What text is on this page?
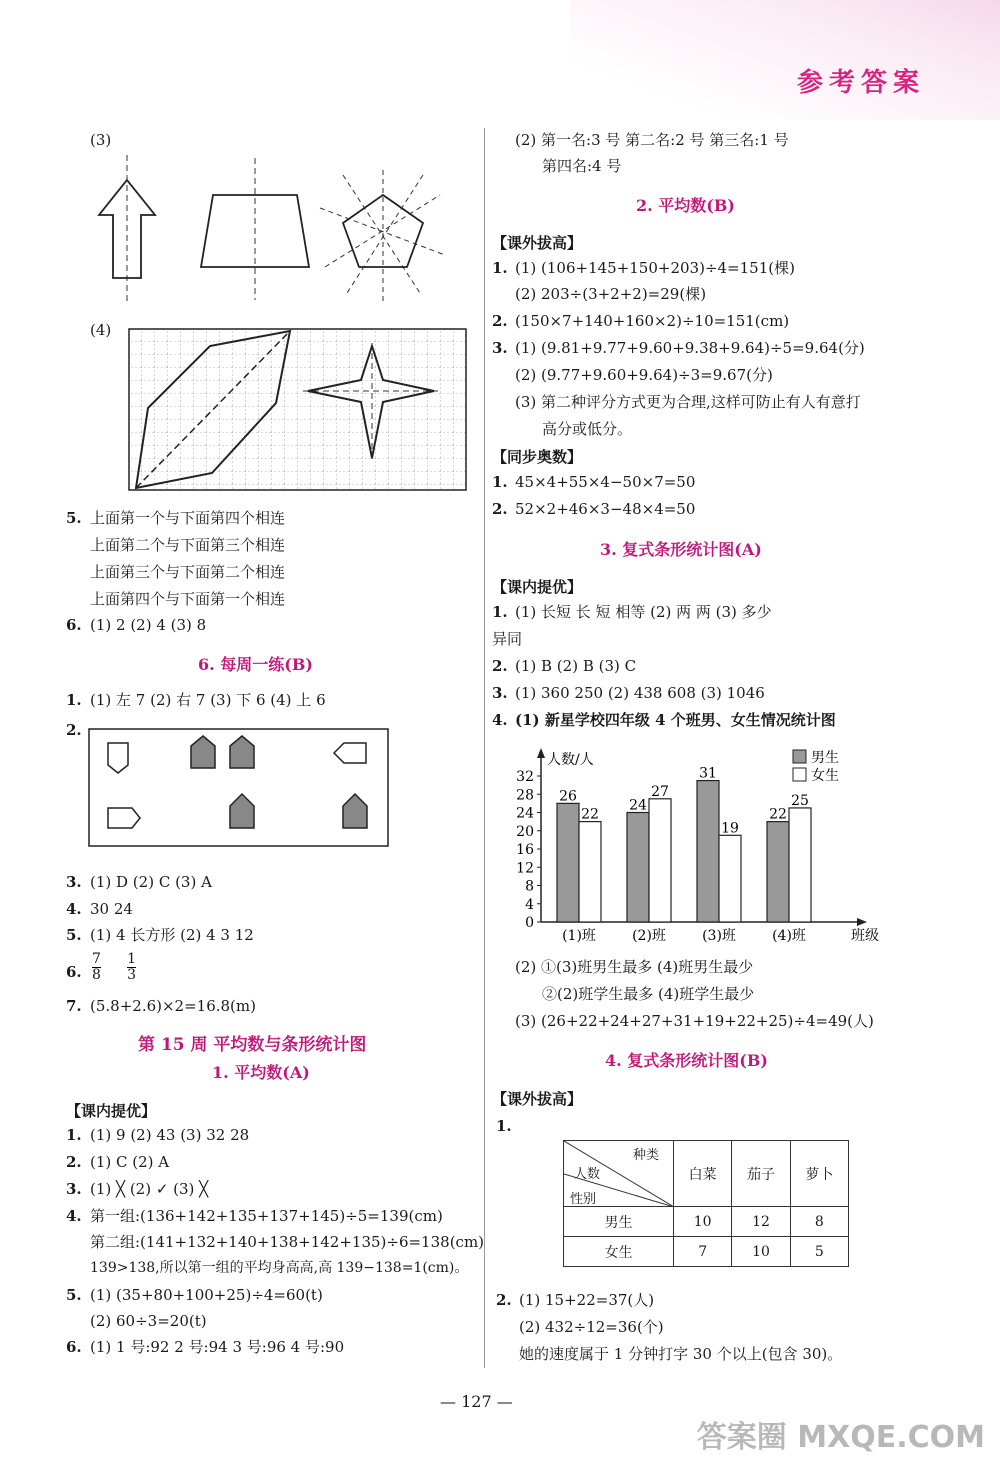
参考答案
(3)
(4)
5. 上面第一个与下面第四个相连
上面第二个与下面第三个相连
上面第三个与下面第二个相连
上面第四个与下面第一个相连
6. (1) 2 (2) 4 (3) 8
6. 每周一练(B)
1. (1) 左 7 (2) 右 7 (3) 下 6 (4) 上 6
2.
3. (1) D (2) C (3) A
4. 30 24
5. (1) 4 长方形 (2) 4 3 12
6. $\frac{7}{8}$
$\frac{1}{3}$
7. (5.8+2.6)×2=16.8(m)
第 15 周 平均数与条形统计图
1. 平均数(A)
【课内提优】
1. (1) 9 (2) 43 (3) 32 28
2. (1) C (2) A
3. (1) ╳ (2) ✓ (3) ╳
4. 第一组:(136+142+135+137+145)÷5=139(cm)
第二组:(141+132+140+138+142+135)÷6=138(cm)
139>138,所以第一组的平均身高高,高 139−138=1(cm)。
5. (1) (35+80+100+25)÷4=60(t)
(2) 60÷3=20(t)
6. (1) 1 号:92 2 号:94 3 号:96 4 号:90
(2) 第一名:3 号 第二名:2 号 第三名:1 号
第四名:4 号
2. 平均数(B)
【课外拔高】
1. (1) (106+145+150+203)÷4=151(棵)
(2) 203÷(3+2+2)=29(棵)
2. (150×7+140+160×2)÷10=151(cm)
3. (1) (9.81+9.77+9.60+9.38+9.64)÷5=9.64(分)
(2) (9.77+9.60+9.64)÷3=9.67(分)
(3) 第二种评分方式更为合理,这样可防止有人有意打
高分或低分。
【同步奥数】
1. 45×4+55×4−50×7=50
2. 52×2+46×3−48×4=50
3. 复式条形统计图(A)
【课内提优】
1. (1) 长短 长 短 相等 (2) 两 两 (3) 多少
异同
2. (1) B (2) B (3) C
3. (1) 360 250 (2) 438 608 (3) 1046
4. (1) 新星学校四年级 4 个班男、女生情况统计图
0
4
8
12
16
20
24
28
32
人数/人
班级
男生
女生
26
22
(1)班
24
27
(2)班
31
19
(3)班
22
25
(4)班
(2) ①(3)班男生最多 (4)班男生最少
②(2)班学生最多 (4)班学生最少
(3) (26+22+24+27+31+19+22+25)÷4=49(人)
4. 复式条形统计图(B)
【课外拔高】
1.
种类
人数
性别	白菜	茄子	萝卜
男生	10	12	8
女生	7	10	5
2. (1) 15+22=37(人)
(2) 432÷12=36(个)
她的速度属于 1 分钟打字 30 个以上(包含 30)。
— 127 —
答案圈 MXQE.COM
